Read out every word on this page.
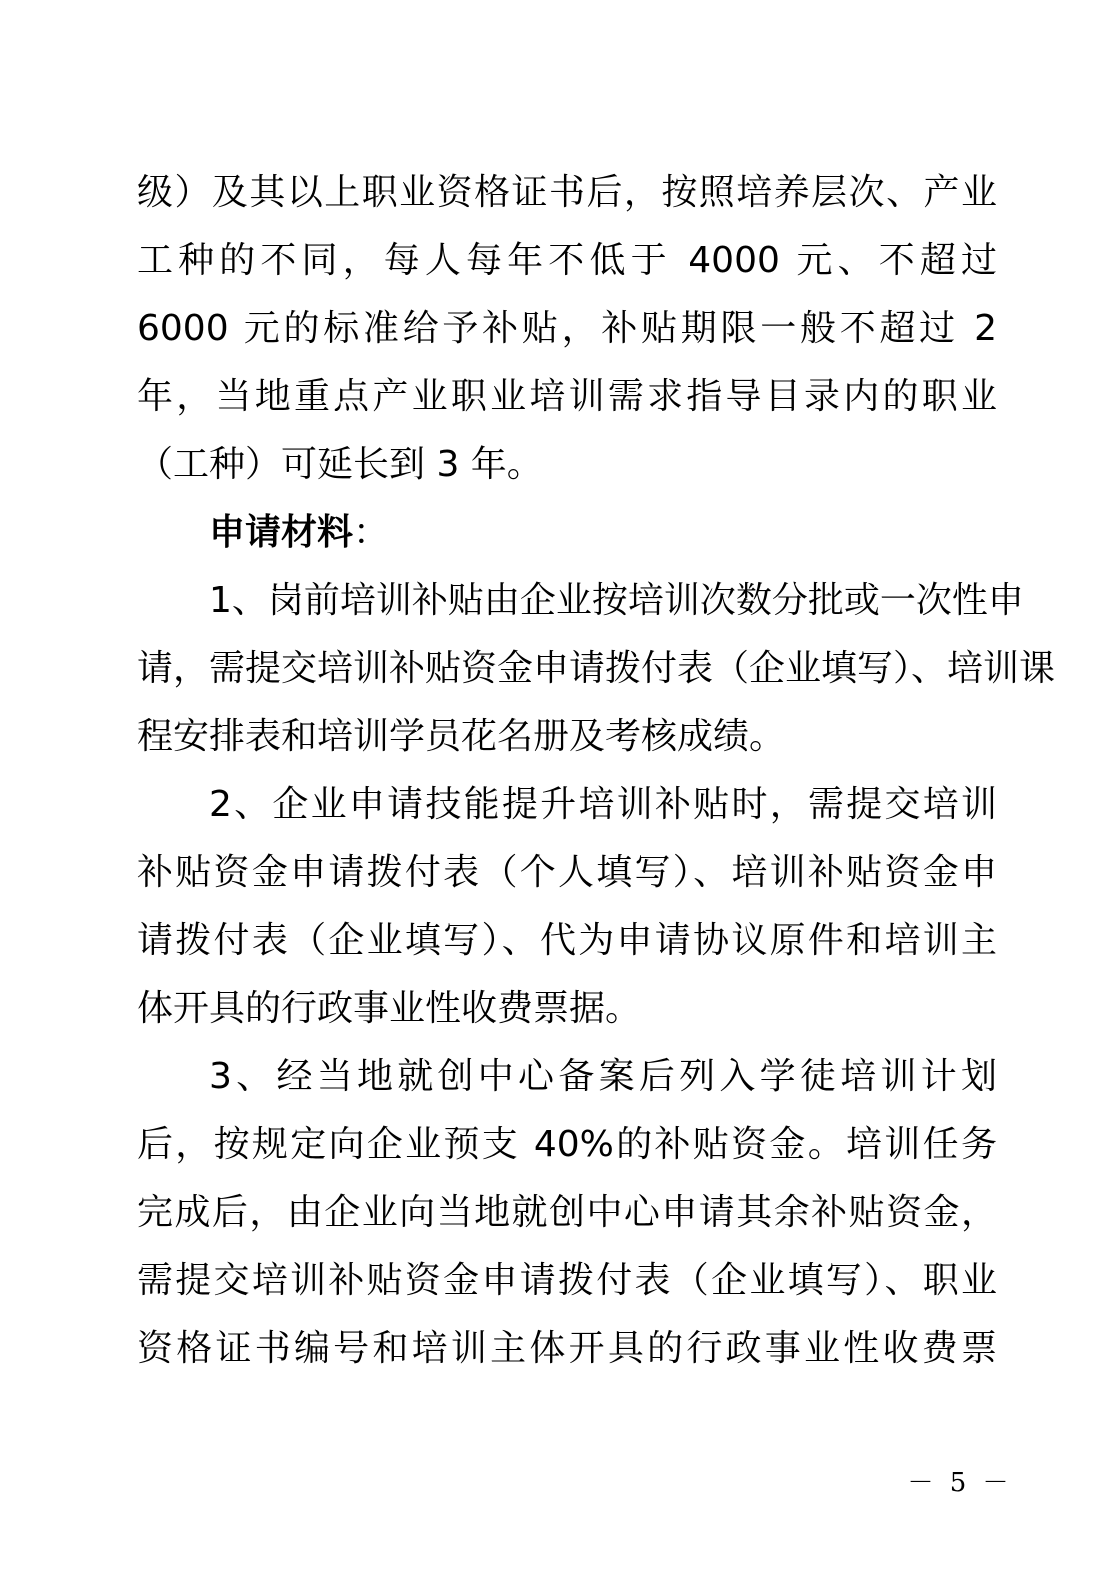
级）及其以上职业资格证书后，按照培养层次、产业
工种的不同，每人每年不低于 4000 元、不超过
6000 元的标准给予补贴，补贴期限一般不超过 2
年，当地重点产业职业培训需求指导目录内的职业
（工种）可延长到 3 年。
申请材料：
1、岗前培训补贴由企业按培训次数分批或一次性申
请，需提交培训补贴资金申请拨付表（企业填写）、培训课
程安排表和培训学员花名册及考核成绩。
2、企业申请技能提升培训补贴时，需提交培训
补贴资金申请拨付表（个人填写）、培训补贴资金申
请拨付表（企业填写）、代为申请协议原件和培训主
体开具的行政事业性收费票据。
3、经当地就创中心备案后列入学徒培训计划
后，按规定向企业预支 40%的补贴资金。培训任务
完成后，由企业向当地就创中心申请其余补贴资金，
需提交培训补贴资金申请拨付表（企业填写）、职业
资格证书编号和培训主体开具的行政事业性收费票
－ 5 －
